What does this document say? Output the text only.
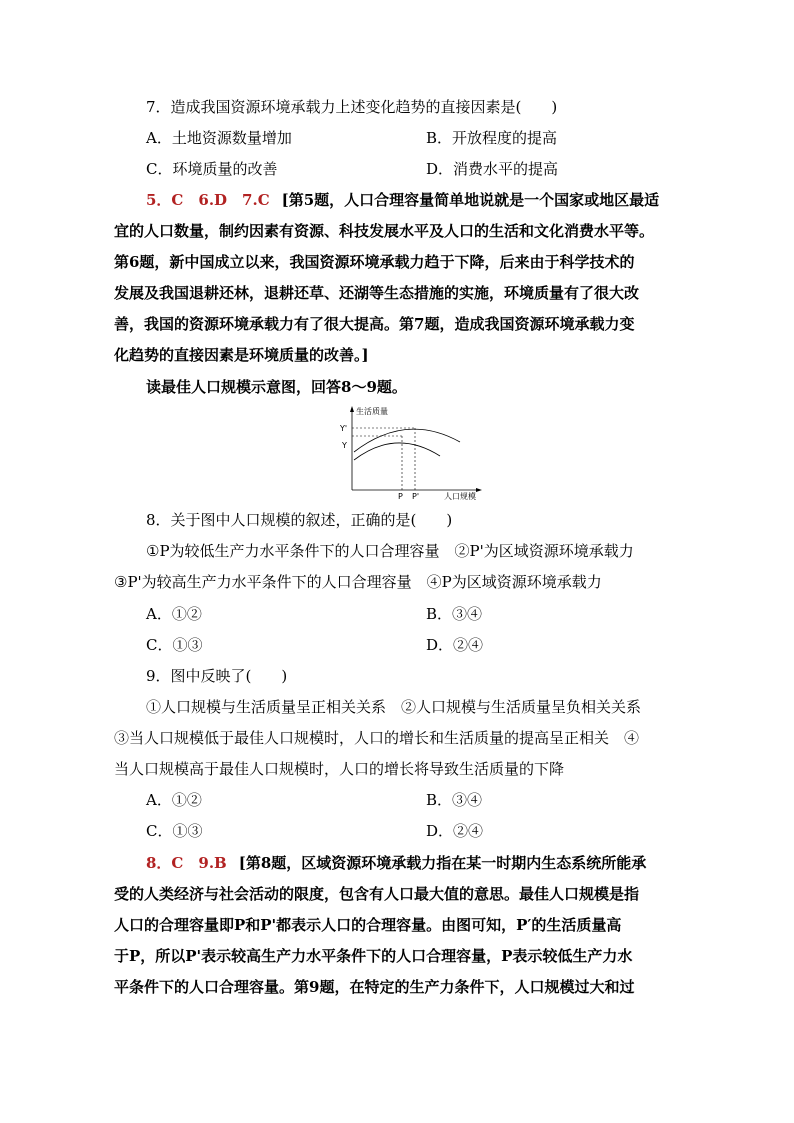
7．造成我国资源环境承载力上述变化趋势的直接因素是(　　)
A．土地资源数量增加	B．开放程度的提高
C．环境质量的改善	D．消费水平的提高
5．C　6.D　7.C [第5题，人口合理容量简单地说就是一个国家或地区最适
宜的人口数量，制约因素有资源、科技发展水平及人口的生活和文化消费水平等。
第6题，新中国成立以来，我国资源环境承载力趋于下降，后来由于科学技术的
发展及我国退耕还林，退耕还草、还湖等生态措施的实施，环境质量有了很大改
善，我国的资源环境承载力有了很大提高。第7题，造成我国资源环境承载力变
化趋势的直接因素是环境质量的改善。]
读最佳人口规模示意图，回答8～9题。
生活质量
Y'
Y
P P'	人口规模
8．关于图中人口规模的叙述，正确的是(　　)
①P为较低生产力水平条件下的人口合理容量　②P'为区域资源环境承载力
③P'为较高生产力水平条件下的人口合理容量　④P为区域资源环境承载力
A．①②	B．③④
C．①③	D．②④
9．图中反映了(　　)
①人口规模与生活质量呈正相关关系　②人口规模与生活质量呈负相关关系
③当人口规模低于最佳人口规模时，人口的增长和生活质量的提高呈正相关　④
当人口规模高于最佳人口规模时，人口的增长将导致生活质量的下降
A．①②	B．③④
C．①③	D．②④
8．C　9.B [第8题，区域资源环境承载力指在某一时期内生态系统所能承
受的人类经济与社会活动的限度，包含有人口最大值的意思。最佳人口规模是指
人口的合理容量即P和P'都表示人口的合理容量。由图可知，P′的生活质量高
于P，所以P'表示较高生产力水平条件下的人口合理容量，P表示较低生产力水
平条件下的人口合理容量。第9题，在特定的生产力条件下，人口规模过大和过
